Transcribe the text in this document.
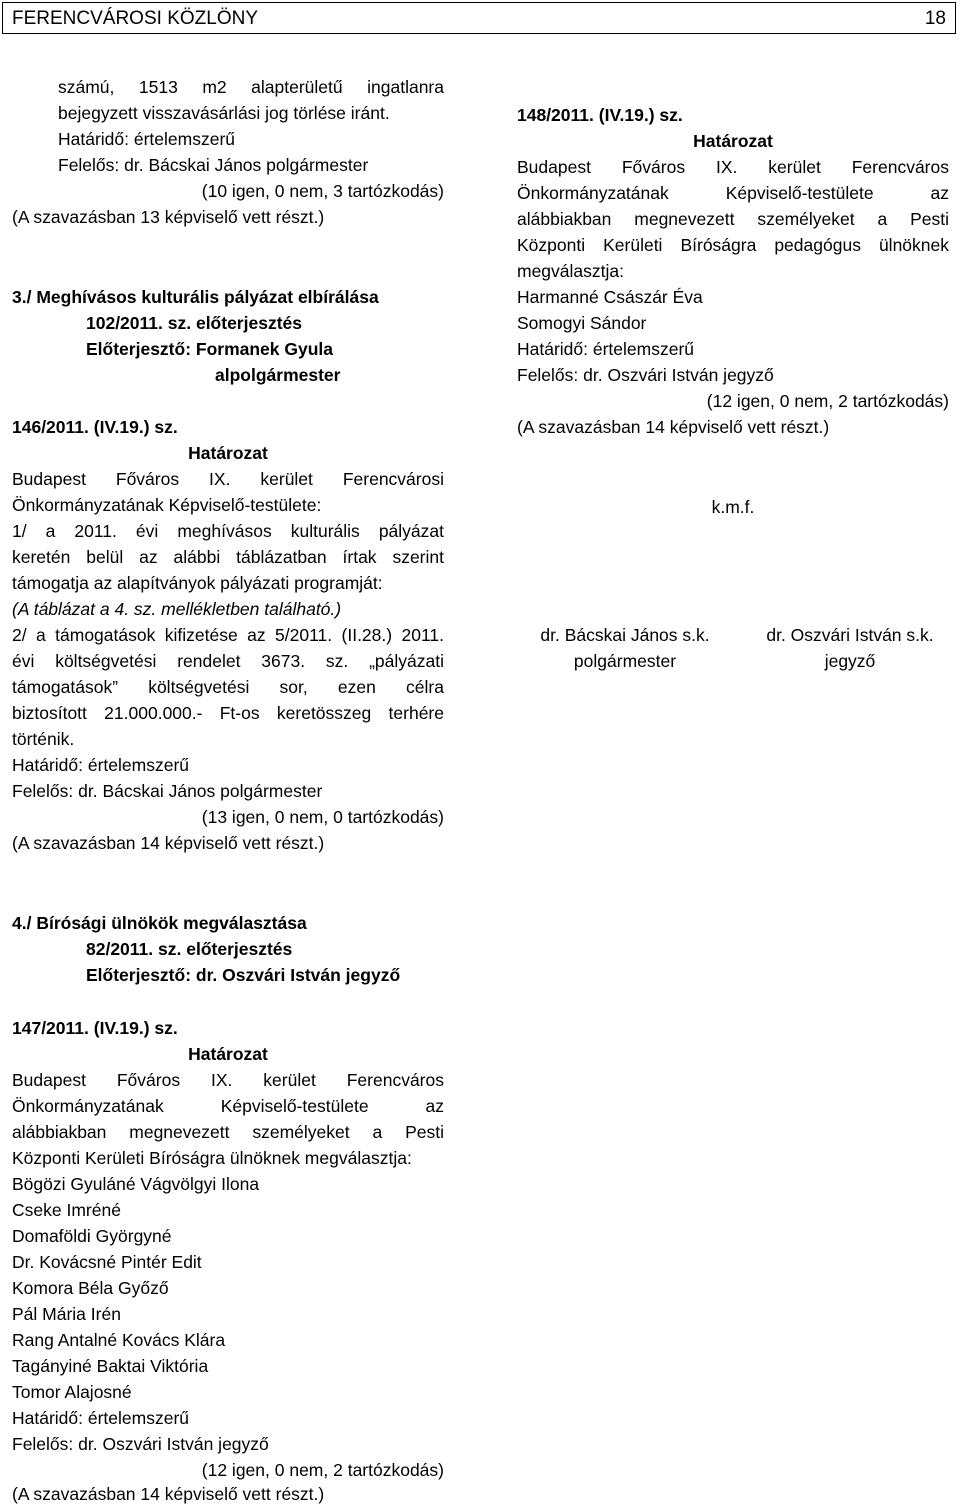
FERENCVÁROSI KÖZLÖNY	18
számú, 1513 m2 alapterületű ingatlanra
bejegyzett visszavásárlási jog törlése iránt.
Határidő: értelemszerű
Felelős: dr. Bácskai János polgármester
(10 igen, 0 nem, 3 tartózkodás)
(A szavazásban 13 képviselő vett részt.)
3./ Meghívásos kulturális pályázat elbírálása
102/2011. sz. előterjesztés
Előterjesztő: Formanek Gyula
alpolgármester
146/2011. (IV.19.) sz.
Határozat
Budapest Főváros IX. kerület Ferencvárosi
Önkormányzatának Képviselő-testülete:
1/ a 2011. évi meghívásos kulturális pályázat
keretén belül az alábbi táblázatban írtak szerint
támogatja az alapítványok pályázati programját:
(A táblázat a 4. sz. mellékletben található.)
2/ a támogatások kifizetése az 5/2011. (II.28.) 2011.
évi költségvetési rendelet 3673. sz. „pályázati
támogatások” költségvetési sor, ezen célra
biztosított 21.000.000.- Ft-os keretösszeg terhére
történik.
Határidő: értelemszerű
Felelős: dr. Bácskai János polgármester
(13 igen, 0 nem, 0 tartózkodás)
(A szavazásban 14 képviselő vett részt.)
4./ Bírósági ülnökök megválasztása
82/2011. sz. előterjesztés
Előterjesztő: dr. Oszvári István jegyző
147/2011. (IV.19.) sz.
Határozat
Budapest Főváros IX. kerület Ferencváros
Önkormányzatának Képviselő-testülete az
alábbiakban megnevezett személyeket a Pesti
Központi Kerületi Bíróságra ülnöknek megválasztja:
Bögözi Gyuláné Vágvölgyi Ilona
Cseke Imréné
Domaföldi Györgyné
Dr. Kovácsné Pintér Edit
Komora Béla Győző
Pál Mária Irén
Rang Antalné Kovács Klára
Tagányiné Baktai Viktória
Tomor Alajosné
Határidő: értelemszerű
Felelős: dr. Oszvári István jegyző
(12 igen, 0 nem, 2 tartózkodás)
(A szavazásban 14 képviselő vett részt.)
148/2011. (IV.19.) sz.
Határozat
Budapest Főváros IX. kerület Ferencváros
Önkormányzatának Képviselő-testülete az
alábbiakban megnevezett személyeket a Pesti
Központi Kerületi Bíróságra pedagógus ülnöknek
megválasztja:
Harmanné Császár Éva
Somogyi Sándor
Határidő: értelemszerű
Felelős: dr. Oszvári István jegyző
(12 igen, 0 nem, 2 tartózkodás)
(A szavazásban 14 képviselő vett részt.)
k.m.f.
dr. Bácskai János s.k.
polgármester
dr. Oszvári István s.k.
jegyző
